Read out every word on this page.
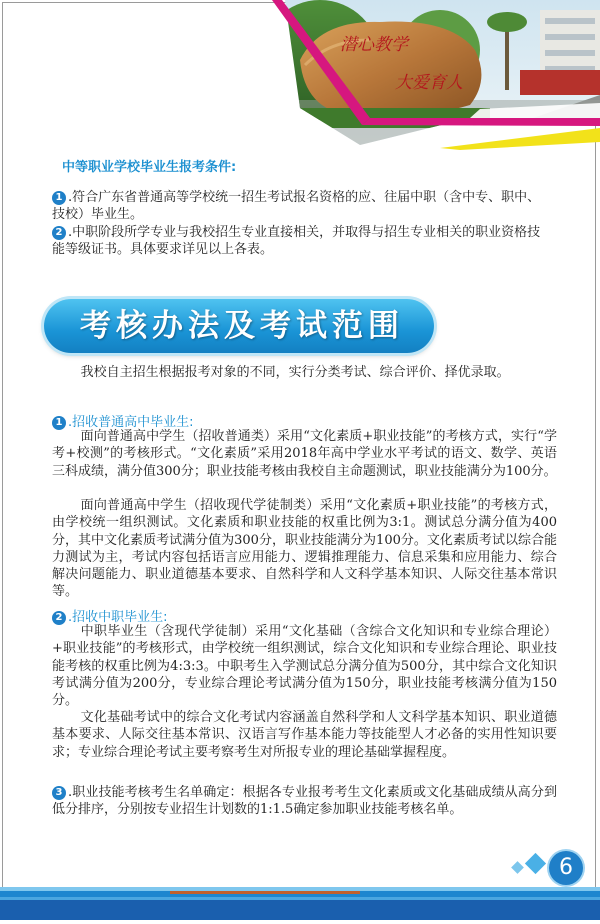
潜心教学
大爱育人
中等职业学校毕业生报考条件:
1 .符合广东省普通高等学校统一招生考试报名资格的应、往届中职（含中专、职中、技校）毕业生。
2 .中职阶段所学专业与我校招生专业直接相关，并取得与招生专业相关的职业资格技能等级证书。具体要求详见以上各表。
考核办法及考试范围
我校自主招生根据报考对象的不同，实行分类考试、综合评价、择优录取。
1 .招收普通高中毕业生:
面向普通高中学生（招收普通类）采用“文化素质+职业技能”的考核方式，实行“学考+校测”的考核形式。“文化素质”采用2018年高中学业水平考试的语文、数学、英语三科成绩，满分值300分；职业技能考核由我校自主命题测试，职业技能满分为100分。
面向普通高中学生（招收现代学徒制类）采用“文化素质+职业技能”的考核方式，由学校统一组织测试。文化素质和职业技能的权重比例为3:1。测试总分满分值为400分，其中文化素质考试满分值为300分，职业技能满分为100分。文化素质考试以综合能力测试为主，考试内容包括语言应用能力、逻辑推理能力、信息采集和应用能力、综合解决问题能力、职业道德基本要求、自然科学和人文科学基本知识、人际交往基本常识等。
2 .招收中职毕业生:
中职毕业生（含现代学徒制）采用“文化基础（含综合文化知识和专业综合理论）+职业技能”的考核形式，由学校统一组织测试，综合文化知识和专业综合理论、职业技能考核的权重比例为4:3:3。中职考生入学测试总分满分值为500分，其中综合文化知识考试满分值为200分，专业综合理论考试满分值为150分，职业技能考核满分值为150分。
文化基础考试中的综合文化考试内容涵盖自然科学和人文科学基本知识、职业道德基本要求、人际交往基本常识、汉语言写作基本能力等技能型人才必备的实用性知识要求；专业综合理论考试主要考察考生对所报专业的理论基础掌握程度。
3 .职业技能考核考生名单确定：根据各专业报考考生文化素质或文化基础成绩从高分到低分排序，分别按专业招生计划数的1:1.5确定参加职业技能考核名单。
6
